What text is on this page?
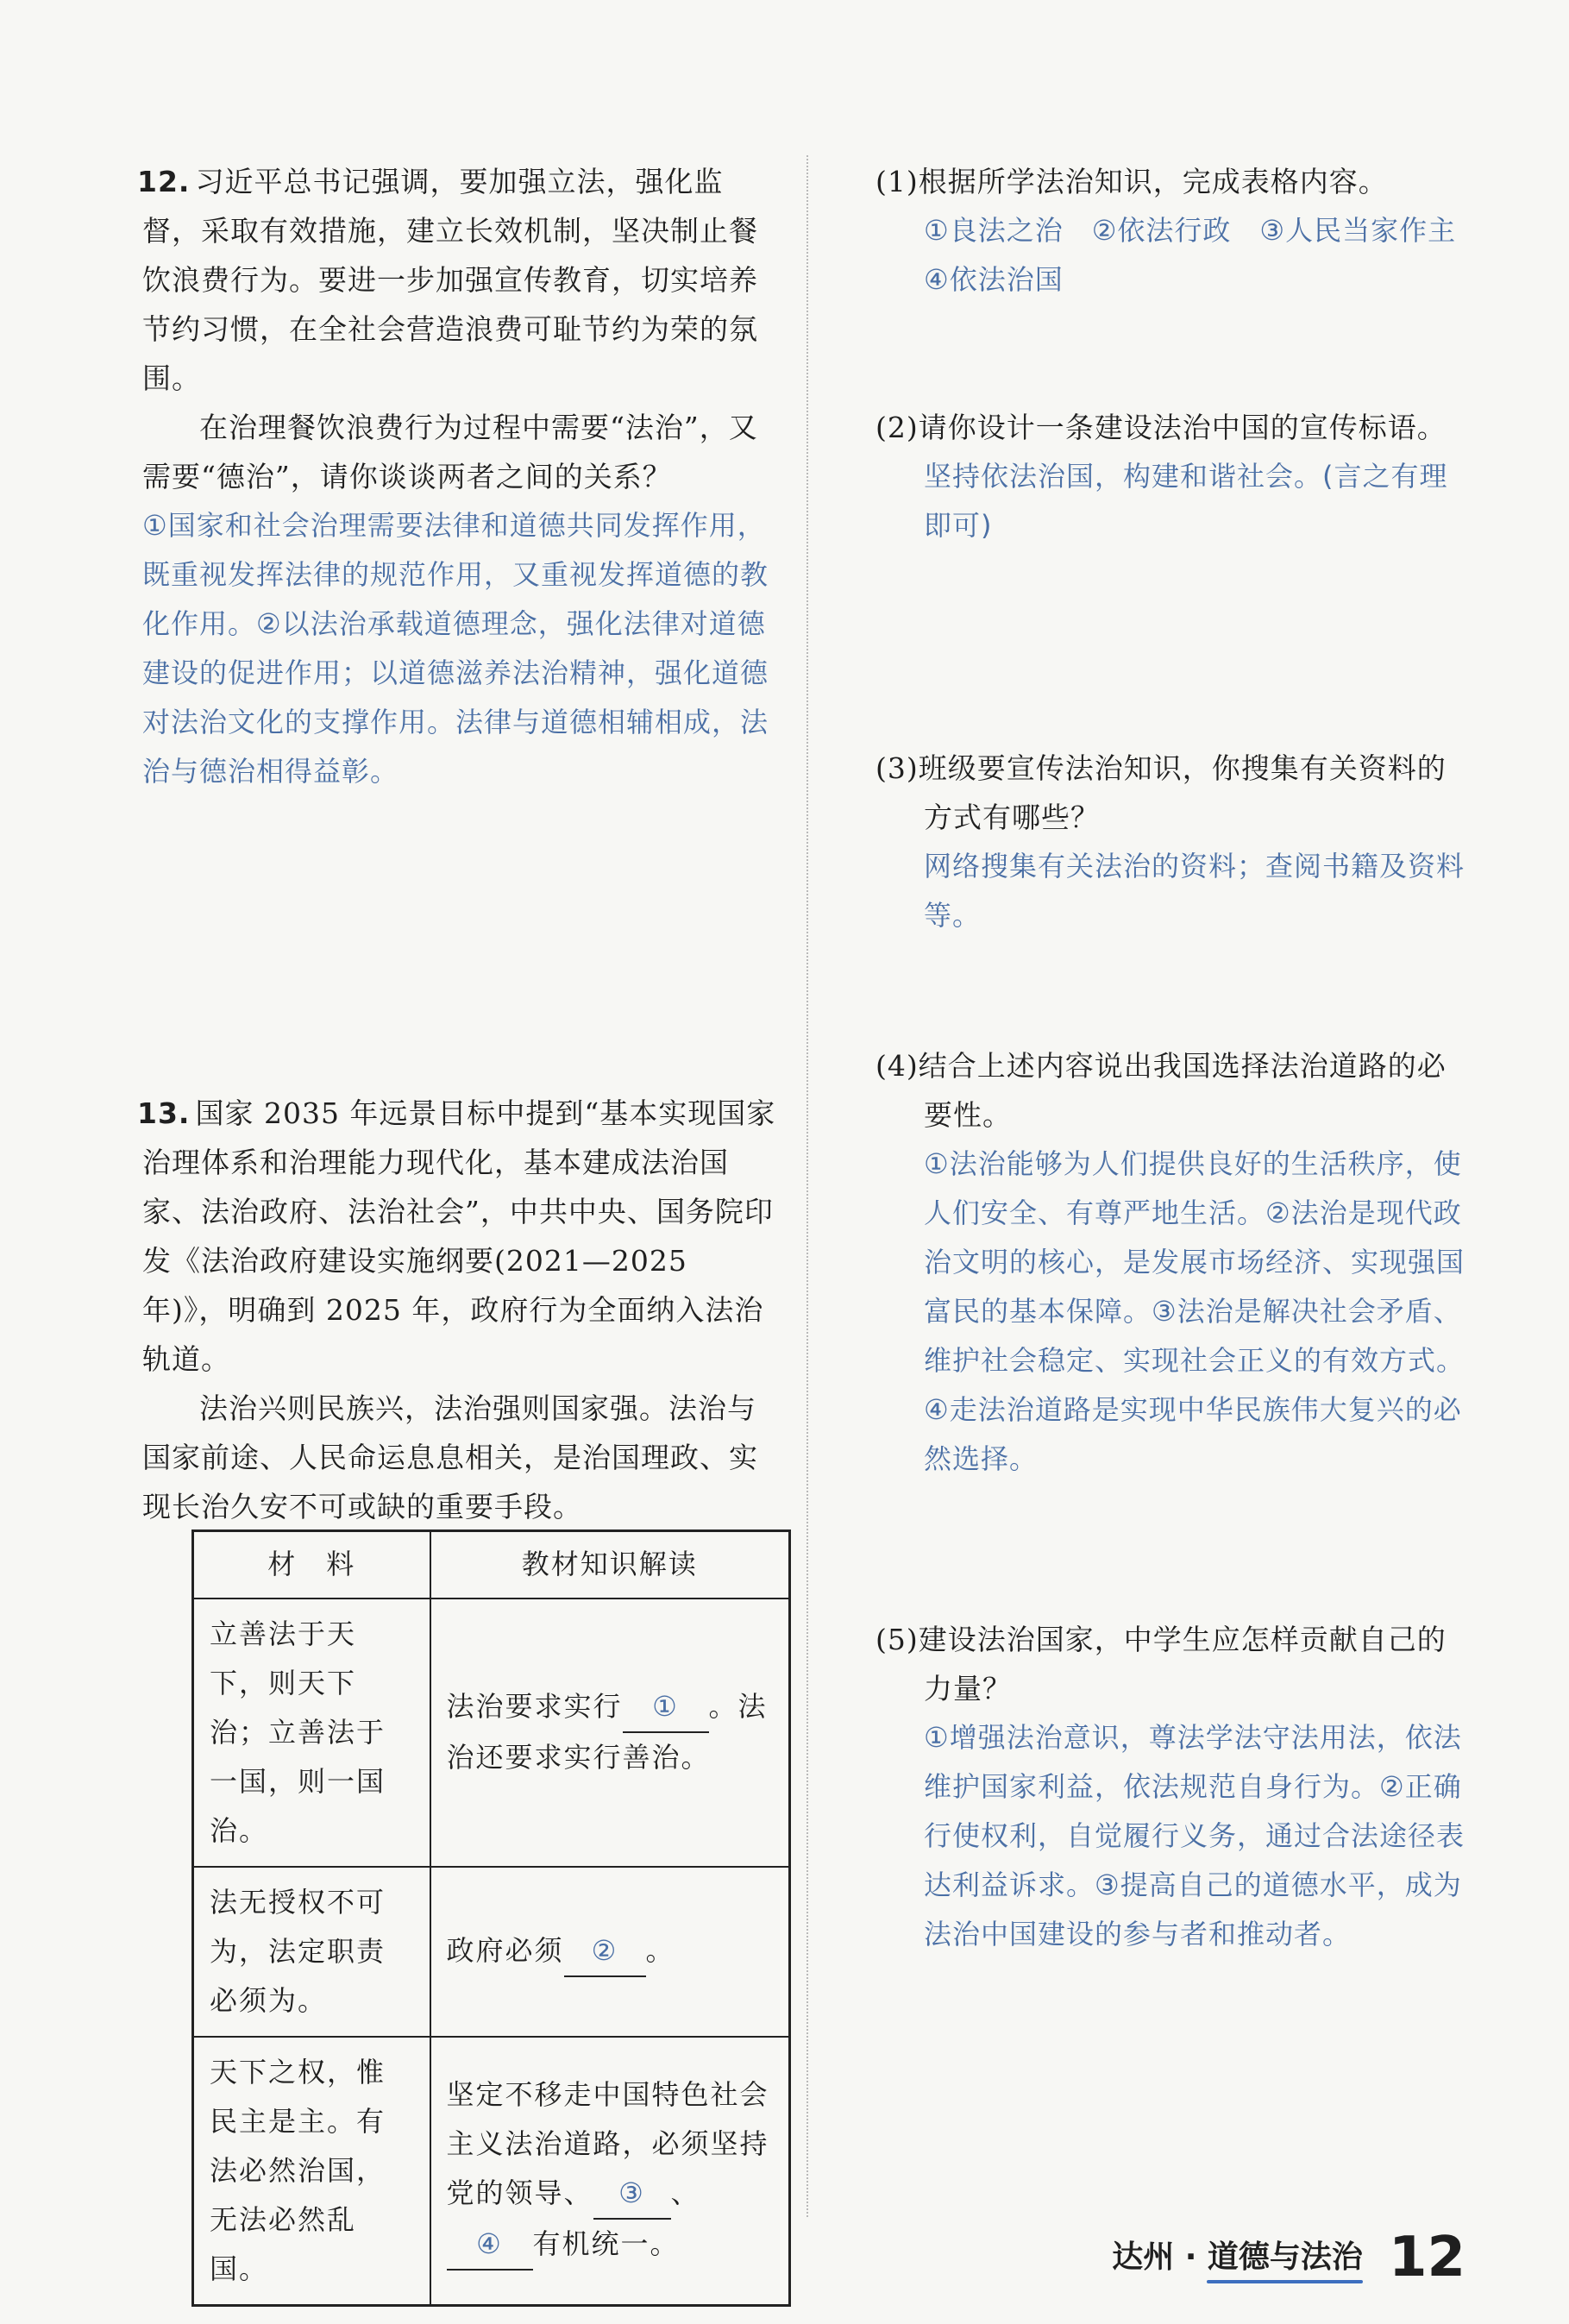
12. 习近平总书记强调，要加强立法，强化监督，采取有效措施，建立长效机制，坚决制止餐饮浪费行为。要进一步加强宣传教育，切实培养节约习惯，在全社会营造浪费可耻节约为荣的氛围。

在治理餐饮浪费行为过程中需要“法治”，又需要“德治”，请你谈谈两者之间的关系？

①国家和社会治理需要法律和道德共同发挥作用，既重视发挥法律的规范作用，又重视发挥道德的教化作用。②以法治承载道德理念，强化法律对道德建设的促进作用；以道德滋养法治精神，强化道德对法治文化的支撑作用。法律与道德相辅相成，法治与德治相得益彰。

13. 国家 2035 年远景目标中提到“基本实现国家治理体系和治理能力现代化，基本建成法治国家、法治政府、法治社会”，中共中央、国务院印发《法治政府建设实施纲要(2021—2025 年)》，明确到 2025 年，政府行为全面纳入法治轨道。

法治兴则民族兴，法治强则国家强。法治与国家前途、人民命运息息相关，是治国理政、实现长治久安不可或缺的重要手段。

材　料	教材知识解读
立善法于天下，则天下治；立善法于一国，则一国治。	法治要求实行 ① 。法治还要求实行善治。
法无授权不可为，法定职责必须为。	政府必须 ② 。
天下之权，惟民主是主。有法必然治国，无法必然乱国。	坚定不移走中国特色社会主义法治道路，必须坚持党的领导、 ③ 、④ 有机统一。

(1)根据所学法治知识，完成表格内容。

①良法之治　②依法行政　③人民当家作主　④依法治国

(2)请你设计一条建设法治中国的宣传标语。

坚持依法治国，构建和谐社会。(言之有理即可)

(3)班级要宣传法治知识，你搜集有关资料的方式有哪些？

网络搜集有关法治的资料；查阅书籍及资料等。

(4)结合上述内容说出我国选择法治道路的必要性。

①法治能够为人们提供良好的生活秩序，使人们安全、有尊严地生活。②法治是现代政治文明的核心，是发展市场经济、实现强国富民的基本保障。③法治是解决社会矛盾、维护社会稳定、实现社会正义的有效方式。④走法治道路是实现中华民族伟大复兴的必然选择。

(5)建设法治国家，中学生应怎样贡献自己的力量？

①增强法治意识，尊法学法守法用法，依法维护国家利益，依法规范自身行为。②正确行使权利，自觉履行义务，通过合法途径表达利益诉求。③提高自己的道德水平，成为法治中国建设的参与者和推动者。

达州 · 道德与法治 12
